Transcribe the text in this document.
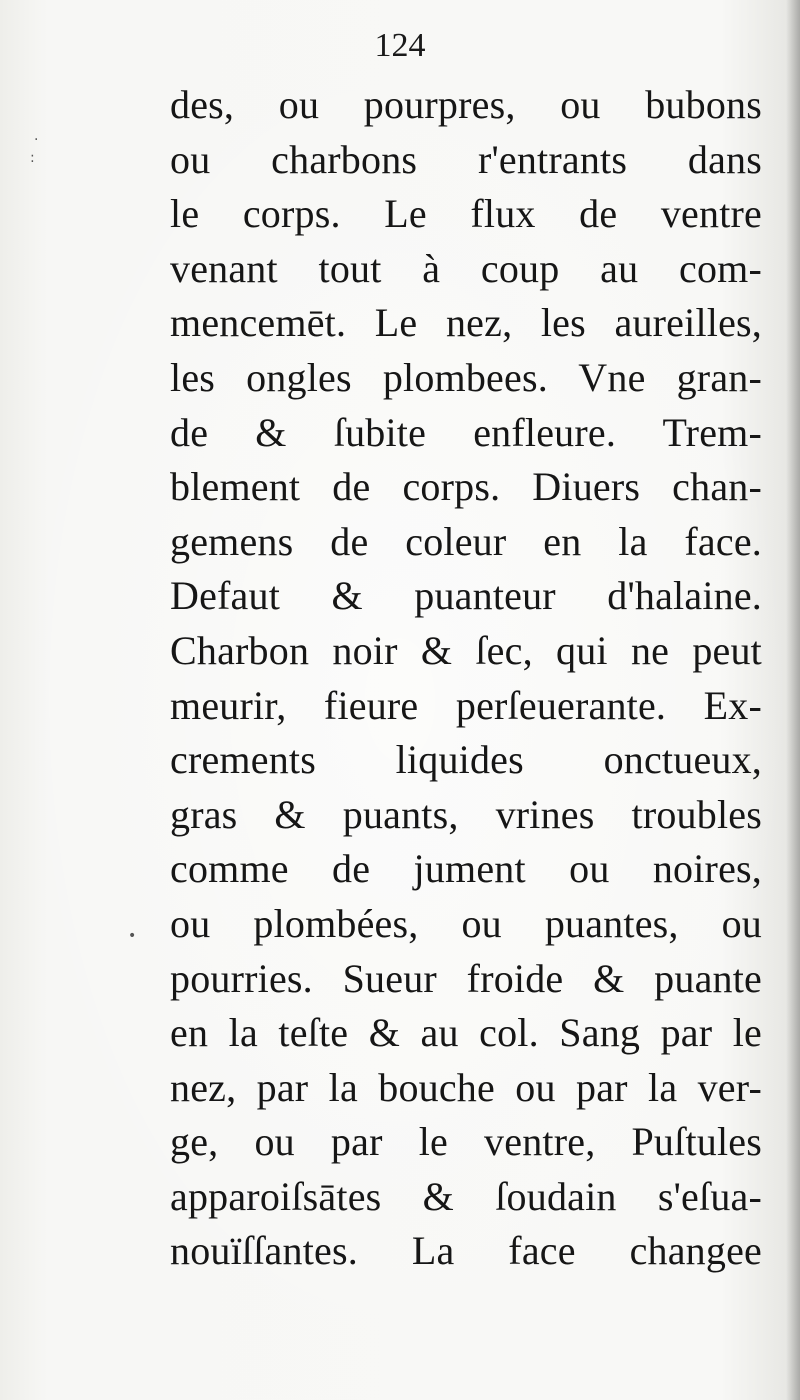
124
·
:
•
des, ou pourpres, ou bubons
ou charbons r'entrants dans
le corps. Le flux de ventre
venant tout à coup au com-
mencemēt. Le nez, les aureilles,
les ongles plombees. Vne gran-
de & ſubite enfleure. Trem-
blement de corps. Diuers chan-
gemens de coleur en la face.
Defaut & puanteur d'halaine.
Charbon noir & ſec, qui ne peut
meurir, fieure perſeuerante. Ex-
crements liquides onctueux,
gras & puants, vrines troubles
comme de jument ou noires,
ou plombées, ou puantes, ou
pourries. Sueur froide & puante
en la teſte & au col. Sang par le
nez, par la bouche ou par la ver-
ge, ou par le ventre, Puſtules
apparoiſsātes & ſoudain s'eſua-
nouïſſantes. La face changee
